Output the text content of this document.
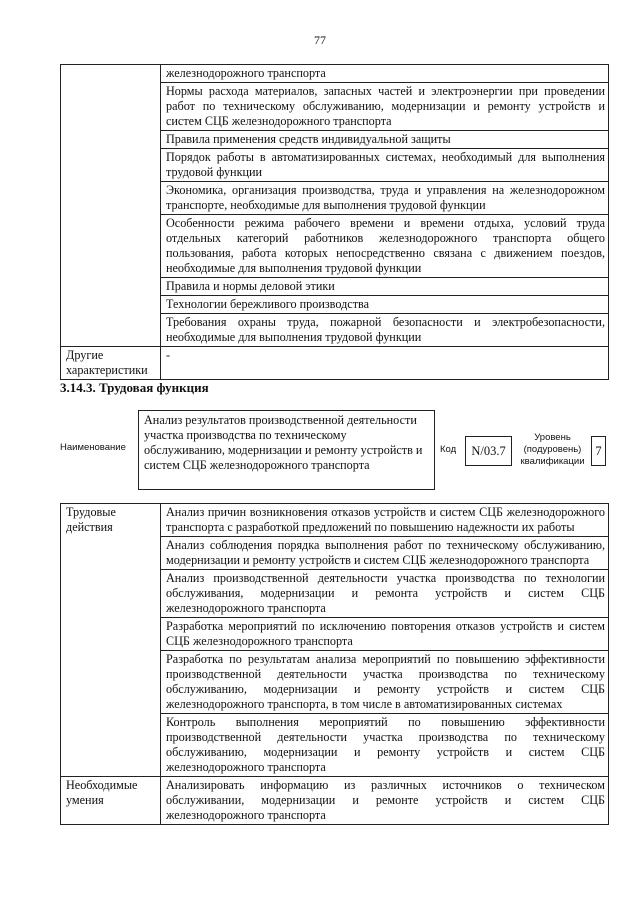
77
	железнодорожного транспорта
	Нормы расхода материалов, запасных частей и электроэнергии при проведении работ по техническому обслуживанию, модернизации и ремонту устройств и систем СЦБ железнодорожного транспорта
	Правила применения средств индивидуальной защиты
	Порядок работы в автоматизированных системах, необходимый для выполнения трудовой функции
	Экономика, организация производства, труда и управления на железнодорожном транспорте, необходимые для выполнения трудовой функции
	Особенности режима рабочего времени и времени отдыха, условий труда отдельных категорий работников железнодорожного транспорта общего пользования, работа которых непосредственно связана с движением поездов, необходимые для выполнения трудовой функции
	Правила и нормы деловой этики
	Технологии бережливого производства
	Требования охраны труда, пожарной безопасности и электробезопасности, необходимые для выполнения трудовой функции
Другие характеристики	-
3.14.3. Трудовая функция
Наименование
Анализ результатов производственной деятельности участка производства по техническому обслуживанию, модернизации и ремонту устройств и систем СЦБ железнодорожного транспорта
Код	N/03.7
Уровень (подуровень) квалификации
7
Трудовые действия	Анализ причин возникновения отказов устройств и систем СЦБ железнодорожного транспорта с разработкой предложений по повышению надежности их работы
	Анализ соблюдения порядка выполнения работ по техническому обслуживанию, модернизации и ремонту устройств и систем СЦБ железнодорожного транспорта
	Анализ производственной деятельности участка производства по технологии обслуживания, модернизации и ремонта устройств и систем СЦБ железнодорожного транспорта
	Разработка мероприятий по исключению повторения отказов устройств и систем СЦБ железнодорожного транспорта
	Разработка по результатам анализа мероприятий по повышению эффективности производственной деятельности участка производства по техническому обслуживанию, модернизации и ремонту устройств и систем СЦБ железнодорожного транспорта, в том числе в автоматизированных системах
	Контроль выполнения мероприятий по повышению эффективности производственной деятельности участка производства по техническому обслуживанию, модернизации и ремонту устройств и систем СЦБ железнодорожного транспорта
Необходимые умения	Анализировать информацию из различных источников о техническом обслуживании, модернизации и ремонте устройств и систем СЦБ железнодорожного транспорта
